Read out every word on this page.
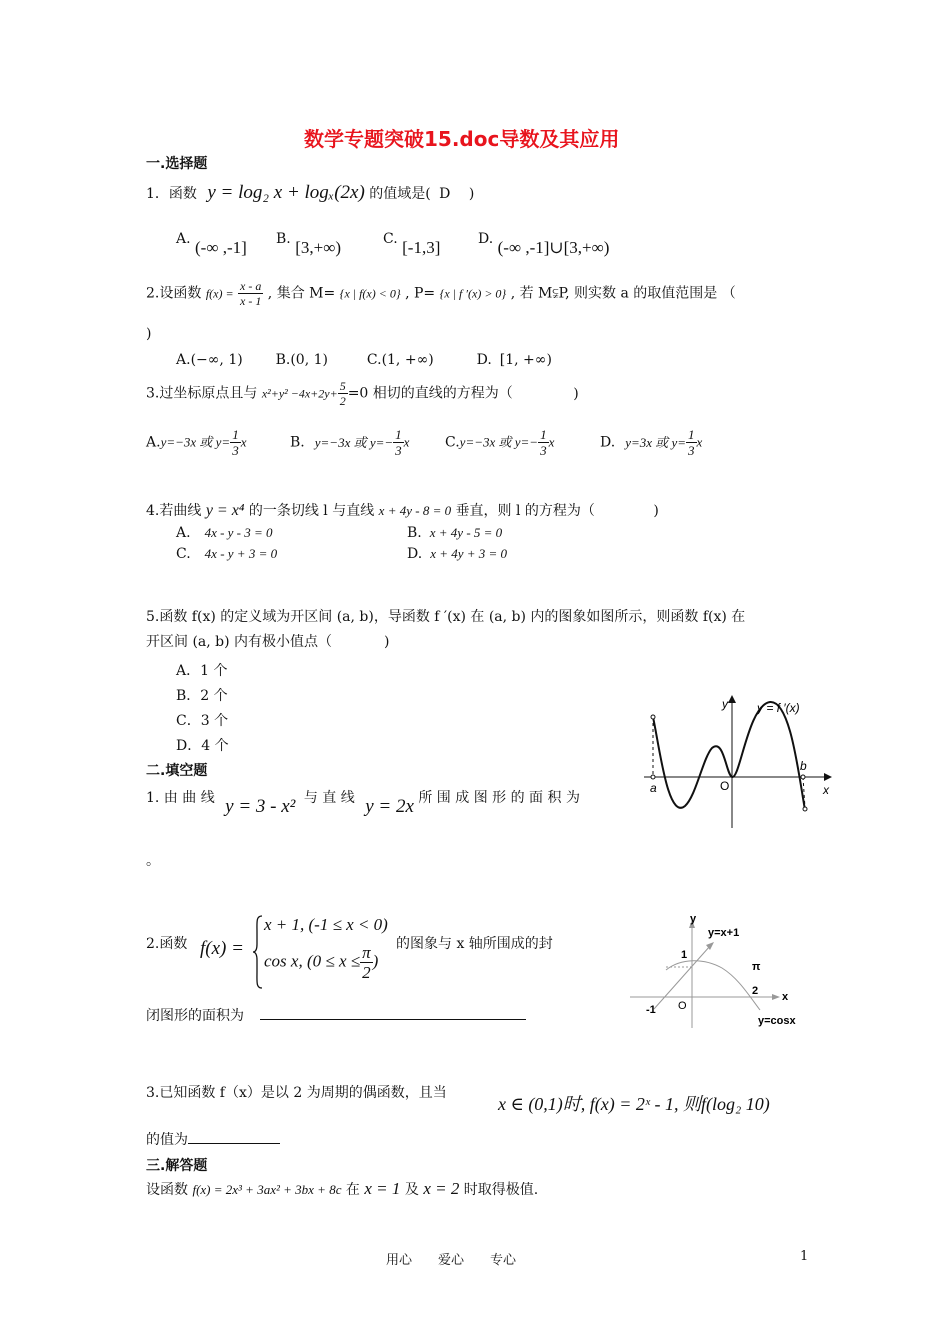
数学专题突破15.doc导数及其应用
一.选择题
1．函数 y = log₂ x + logₓ(2x) 的值域是( D )
A. (-∞ ,-1] B. [3,+∞)	C. [-1,3]	D. (-∞ ,-1]∪[3,+∞)
2.设函数 $f(x) = \frac{x - a}{x - 1}$ , 集合 M= {x | f(x) < 0} , P= {x | f ′(x) > 0} , 若 M⫋P, 则实数 a 的取值范围是 （
)
A.(−∞, 1) B.(0, 1)	C.(1, +∞)	D. [1, +∞)
3.过坐标原点且与 $x^2+y^2 -4x+2y+ \frac{5}{2} =0$ 相切的直线的方程为（	)
A.y=−3x 或 $y= \frac{1}{3}$ x	B. y=−3x 或 $y=- \frac{1}{3}$ x	C.y=−3x 或 $y=- \frac{1}{3}$ x	D. y=3x 或 $y= \frac{1}{3}$ x
4.若曲线 y = x⁴ 的一条切线 l 与直线 x + 4y - 8 = 0 垂直，则 l 的方程为（	)
A. 4x - y - 3 = 0	B. x + 4y - 5 = 0
C. 4x - y + 3 = 0	D. x + 4y + 3 = 0
5.函数 f(x) 的定义域为开区间 (a, b)，导函数 f ′(x) 在 (a, b) 内的图象如图所示，则函数 f(x) 在
开区间 (a, b) 内有极小值点（	)
A．1 个
B．2 个
C．3 个
D．4 个
y y = f ′(x)
a	O
b
x
二.填空题
1. 由 曲 线 y = 3 - x² 与 直 线 y = 2x 所 围 成 图 形 的 面 积 为
。
2.函数 f(x) =
x + 1, (-1 ≤ x < 0)
cos x, ($0 \le x \le \frac{\pi}{2}$ )
的图象与 x 轴所围成的封
闭图形的面积为
y
y=x+1
1
π
2 x
-1 O
y=cosx
3.已知函数 f（x）是以 2 为周期的偶函数，且当
x ∈ (0,1)时, f(x) = 2ˣ - 1, 则f(log₂ 10)
的值为
三.解答题
设函数 f(x) = 2x³ + 3ax² + 3bx + 8c 在 x = 1 及 x = 2 时取得极值.
用心　　爱心　　专心	1
